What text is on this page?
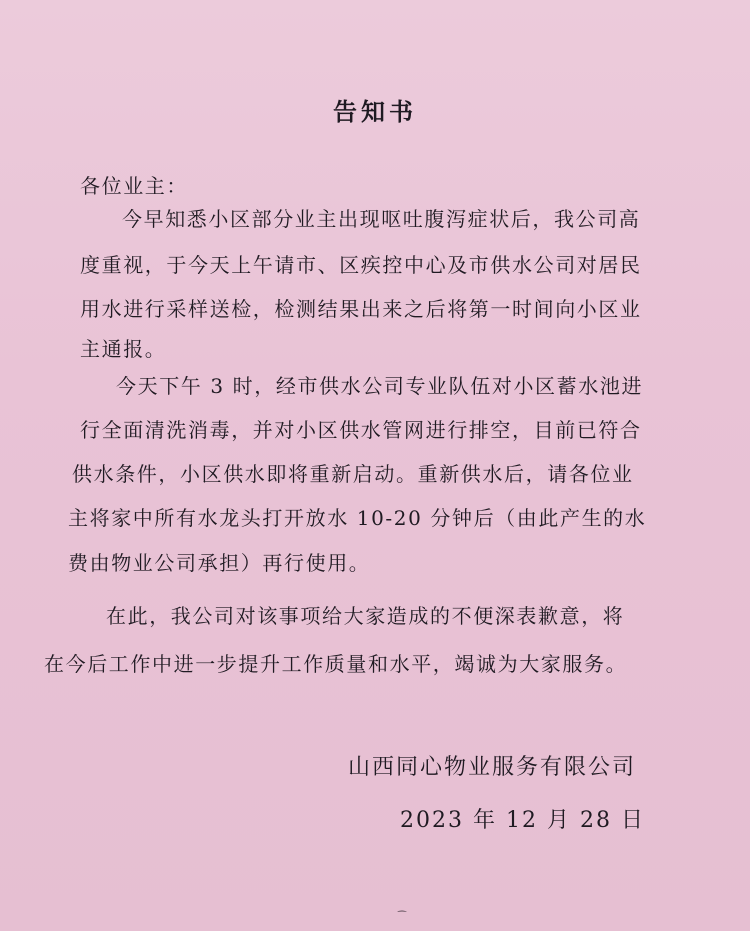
告知书
各位业主：
今早知悉小区部分业主出现呕吐腹泻症状后，我公司高
度重视，于今天上午请市、区疾控中心及市供水公司对居民
用水进行采样送检，检测结果出来之后将第一时间向小区业
主通报。
今天下午 3 时，经市供水公司专业队伍对小区蓄水池进
行全面清洗消毒，并对小区供水管网进行排空，目前已符合
供水条件，小区供水即将重新启动。重新供水后，请各位业
主将家中所有水龙头打开放水 10-20 分钟后（由此产生的水
费由物业公司承担）再行使用。
在此，我公司对该事项给大家造成的不便深表歉意，将
在今后工作中进一步提升工作质量和水平，竭诚为大家服务。
山西同心物业服务有限公司
2023 年 12 月 28 日
⁀
